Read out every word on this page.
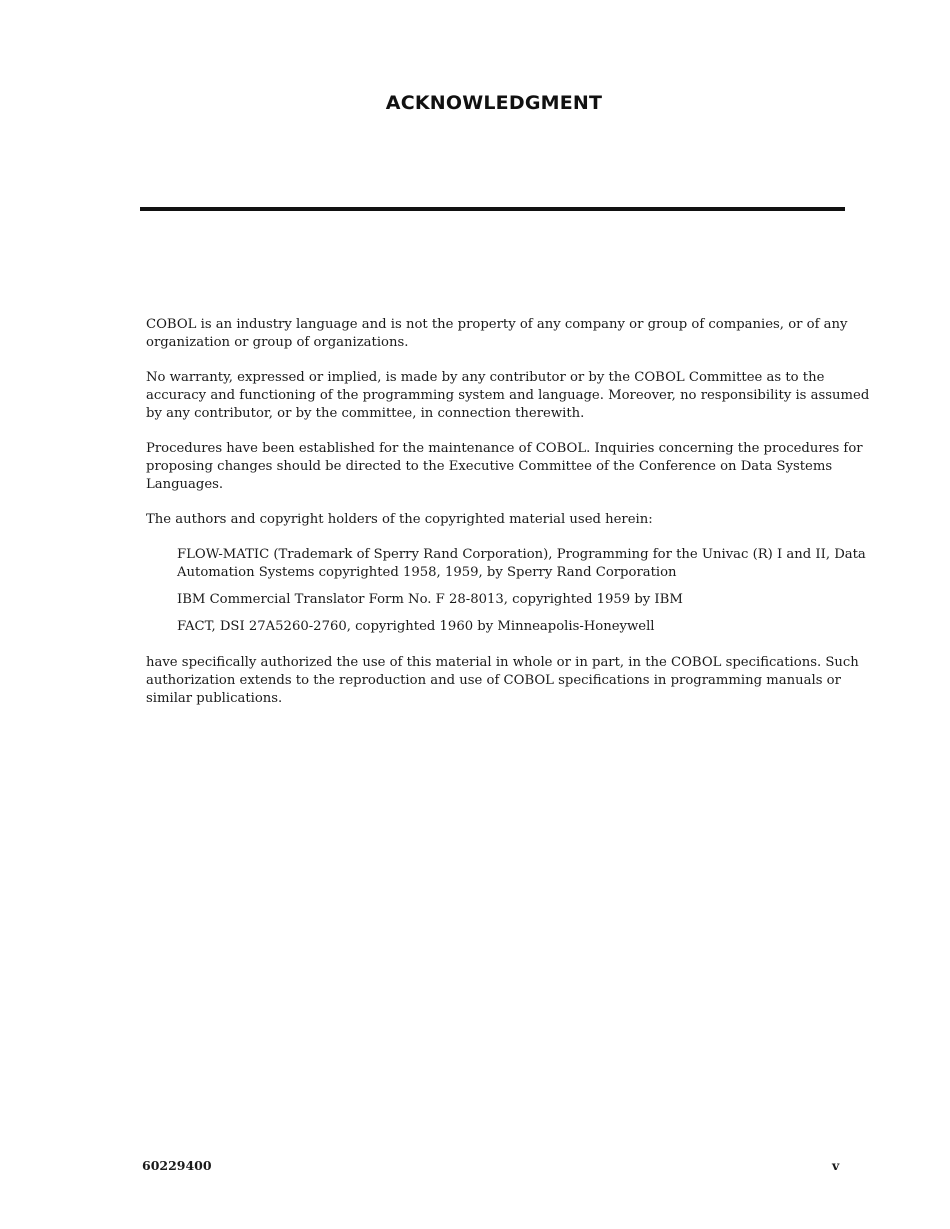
ACKNOWLEDGMENT

COBOL is an industry language and is not the property of any company or group of companies, or of any organization or group of organizations.

No warranty, expressed or implied, is made by any contributor or by the COBOL Committee as to the accuracy and functioning of the programming system and language. Moreover, no responsibility is assumed by any contributor, or by the committee, in connection therewith.

Procedures have been established for the maintenance of COBOL. Inquiries concerning the procedures for proposing changes should be directed to the Executive Committee of the Conference on Data Systems Languages.

The authors and copyright holders of the copyrighted material used herein:

FLOW-MATIC (Trademark of Sperry Rand Corporation), Programming for the Univac (R) I and II, Data Automation Systems copyrighted 1958, 1959, by Sperry Rand Corporation

IBM Commercial Translator Form No. F 28-8013, copyrighted 1959 by IBM

FACT, DSI 27A5260-2760, copyrighted 1960 by Minneapolis-Honeywell

have specifically authorized the use of this material in whole or in part, in the COBOL specifications. Such authorization extends to the reproduction and use of COBOL specifications in programming manuals or similar publications.

60229400	v
